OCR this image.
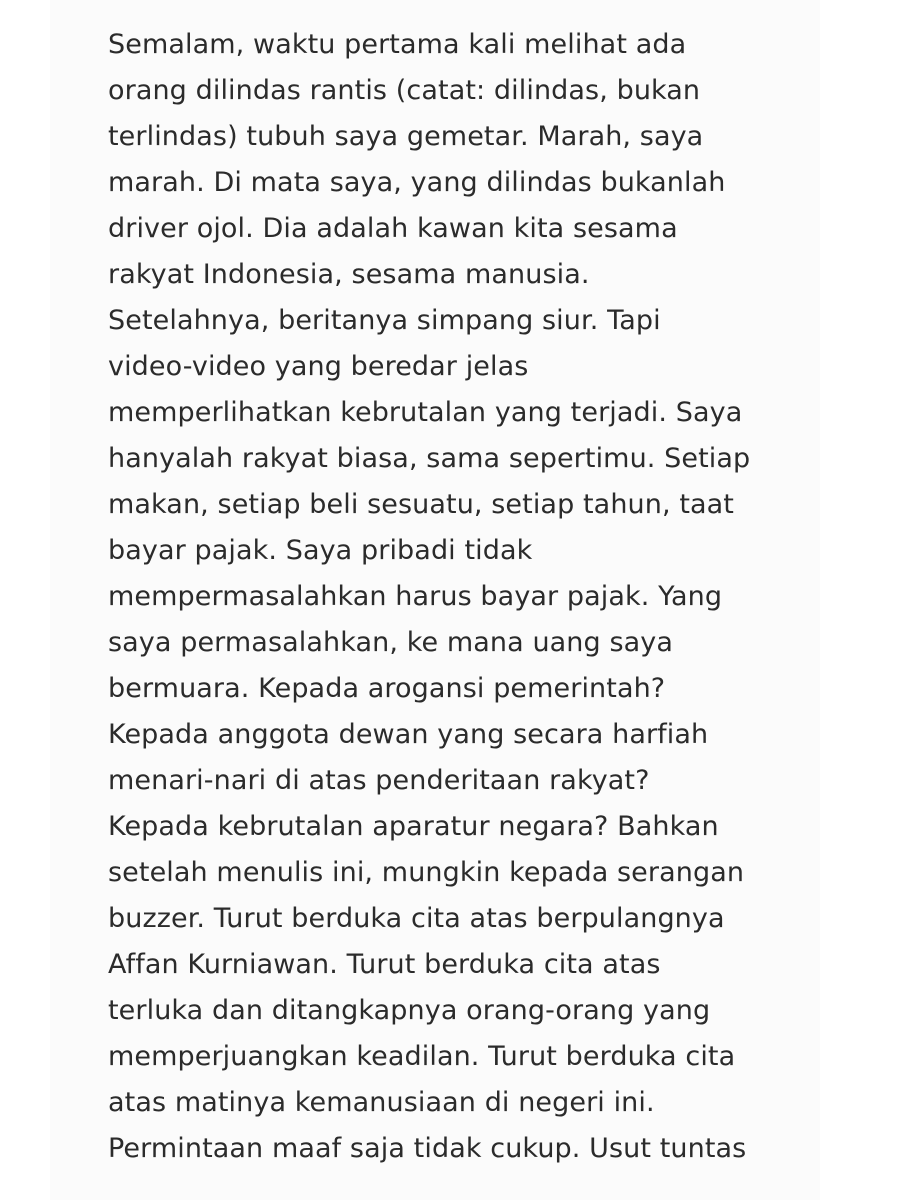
Semalam, waktu pertama kali melihat ada
orang dilindas rantis (catat: dilindas, bukan
terlindas) tubuh saya gemetar. Marah, saya
marah. Di mata saya, yang dilindas bukanlah
driver ojol. Dia adalah kawan kita sesama
rakyat Indonesia, sesama manusia.
Setelahnya, beritanya simpang siur. Tapi
video-video yang beredar jelas
memperlihatkan kebrutalan yang terjadi. Saya
hanyalah rakyat biasa, sama sepertimu. Setiap
makan, setiap beli sesuatu, setiap tahun, taat
bayar pajak. Saya pribadi tidak
mempermasalahkan harus bayar pajak. Yang
saya permasalahkan, ke mana uang saya
bermuara. Kepada arogansi pemerintah?
Kepada anggota dewan yang secara harfiah
menari-nari di atas penderitaan rakyat?
Kepada kebrutalan aparatur negara? Bahkan
setelah menulis ini, mungkin kepada serangan
buzzer. Turut berduka cita atas berpulangnya
Affan Kurniawan. Turut berduka cita atas
terluka dan ditangkapnya orang-orang yang
memperjuangkan keadilan. Turut berduka cita
atas matinya kemanusiaan di negeri ini.
Permintaan maaf saja tidak cukup. Usut tuntas
